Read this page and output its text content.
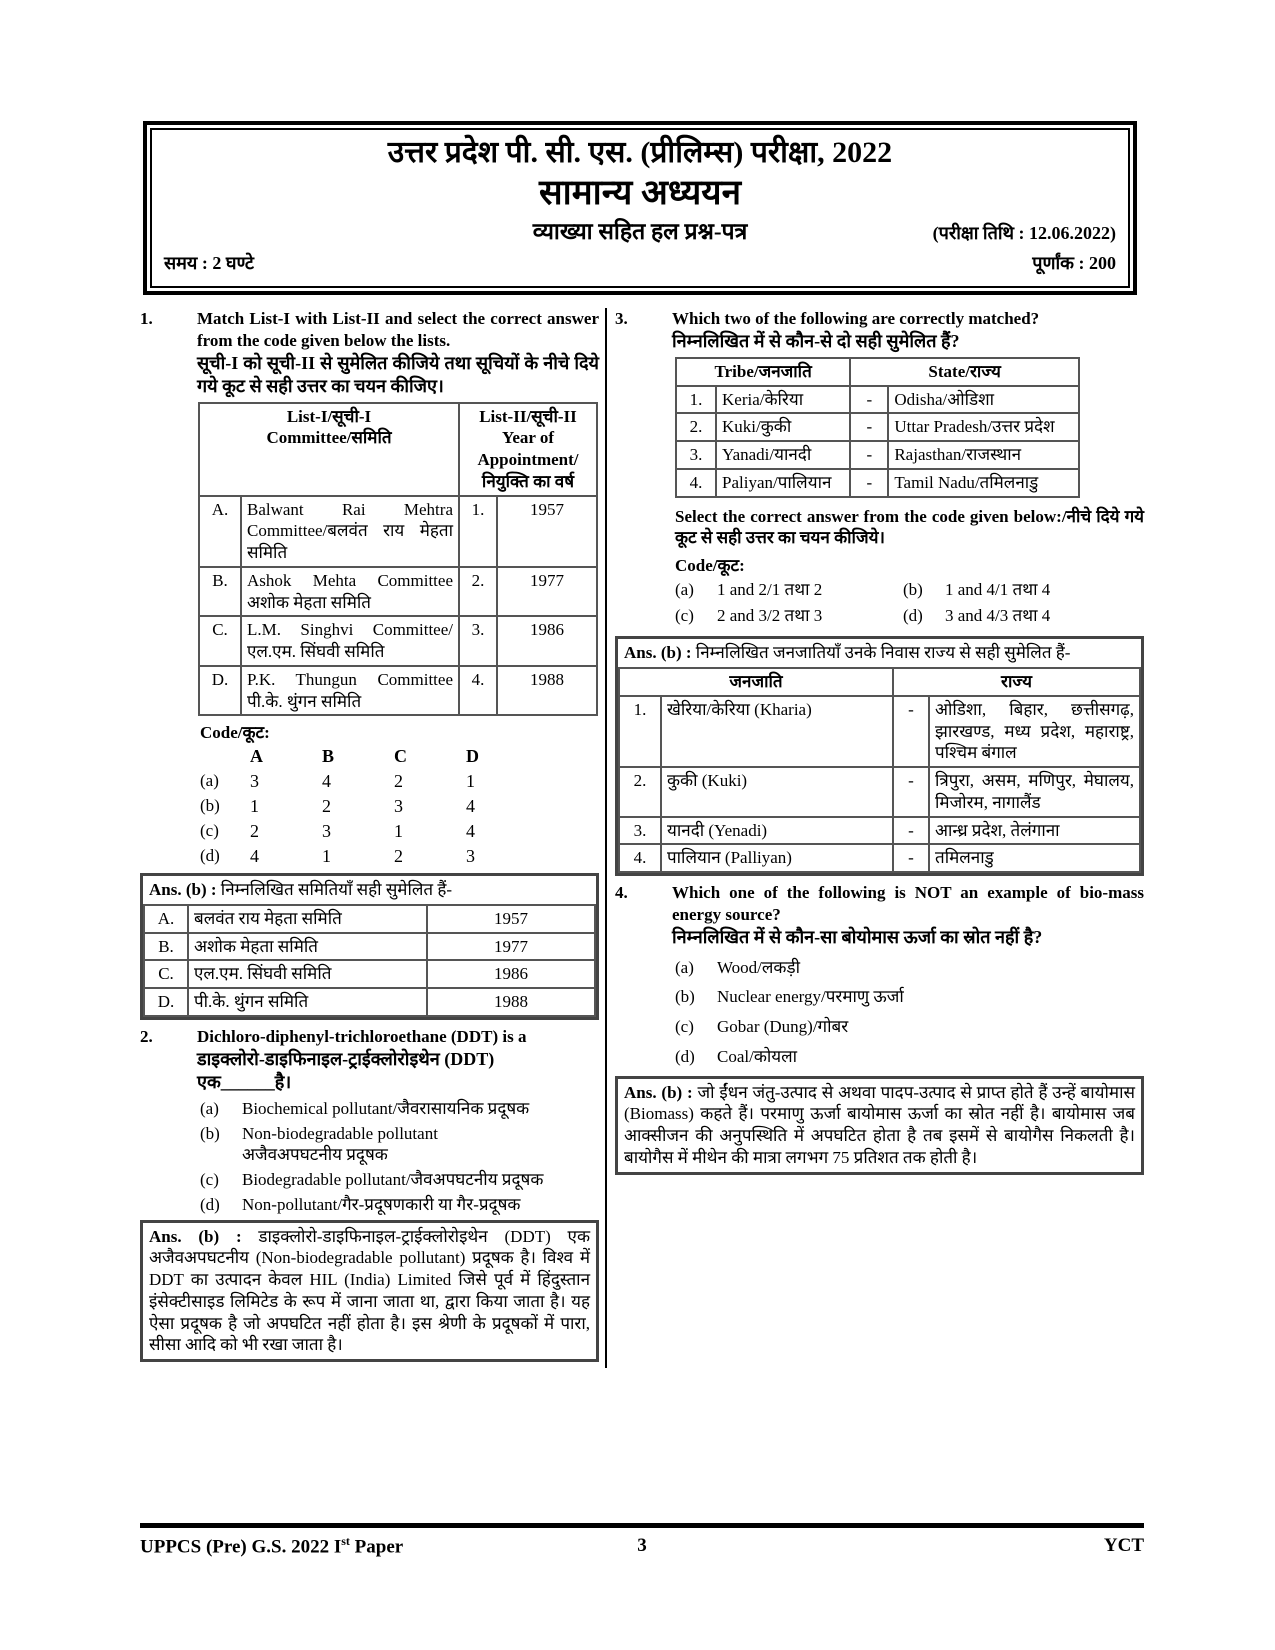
उत्तर प्रदेश पी. सी. एस. (प्रीलिम्स) परीक्षा, 2022
सामान्य अध्ययन
व्याख्या सहित हल प्रश्न-पत्र	(परीक्षा तिथि : 12.06.2022)
समय : 2 घण्टे	पूर्णांक : 200
1.	Match List-I with List-II and select the correct answer from the code given below the lists.
सूची-I को सूची-II से सुमेलित कीजिये तथा सूचियों के नीचे दिये गये कूट से सही उत्तर का चयन कीजिए।
List-I/सूची-I
Committee/समिति

List-II/सूची-II
Year of
Appointment/
नियुक्ति का वर्ष

A.	Balwant Rai Mehtra Committee/बलवंत राय मेहता समिति	1.	1957
B.	Ashok Mehta Committee अशोक मेहता समिति	2.	1977
C.	L.M. Singhvi Committee/एल.एम. सिंघवी समिति	3.	1986
D.	P.K. Thungun Committee पी.के. थुंगन समिति	4.	1988
Code/कूट:
	A	B	C	D
(a)	3	4	2	1
(b)	1	2	3	4
(c)	2	3	1	4
(d)	4	1	2	3
Ans. (b) : निम्नलिखित समितियाँ सही सुमेलित हैं-
A.	बलवंत राय मेहता समिति	1957
B.	अशोक मेहता समिति	1977
C.	एल.एम. सिंघवी समिति	1986
D.	पी.के. थुंगन समिति	1988
2.	Dichloro-diphenyl-trichloroethane (DDT) is a
डाइक्लोरो-डाइफिनाइल-ट्राईक्लोरोइथेन (DDT)
एक______है।
(a)	Biochemical pollutant/जैवरासायनिक प्रदूषक
(b)	Non-biodegradable pollutant
अजैवअपघटनीय प्रदूषक
(c)	Biodegradable pollutant/जैवअपघटनीय प्रदूषक
(d)	Non-pollutant/गैर-प्रदूषणकारी या गैर-प्रदूषक
Ans. (b) : डाइक्लोरो-डाइफिनाइल-ट्राईक्लोरोइथेन (DDT) एक अजैवअपघटनीय (Non-biodegradable pollutant) प्रदूषक है। विश्व में DDT का उत्पादन केवल HIL (India) Limited जिसे पूर्व में हिंदुस्तान इंसेक्टीसाइड लिमिटेड के रूप में जाना जाता था, द्वारा किया जाता है। यह ऐसा प्रदूषक है जो अपघटित नहीं होता है। इस श्रेणी के प्रदूषकों में पारा, सीसा आदि को भी रखा जाता है।
3.	Which two of the following are correctly matched?
निम्नलिखित में से कौन-से दो सही सुमेलित हैं?
Tribe/जनजाति		State/राज्य	
1.	Keria/केरिया	-	Odisha/ओडिशा
2.	Kuki/कुकी	-	Uttar Pradesh/उत्तर प्रदेश
3.	Yanadi/यानदी	-	Rajasthan/राजस्थान
4.	Paliyan/पालियान	-	Tamil Nadu/तमिलनाडु
Select the correct answer from the code given below:/नीचे दिये गये कूट से सही उत्तर का चयन कीजिये।
Code/कूट:
(a)	1 and 2/1 तथा 2	(b)	1 and 4/1 तथा 4
(c)	2 and 3/2 तथा 3	(d)	3 and 4/3 तथा 4
Ans. (b) : निम्नलिखित जनजातियाँ उनके निवास राज्य से सही सुमेलित हैं-
जनजाति		राज्य	
1.	खेरिया/केरिया (Kharia)	-	ओडिशा, बिहार, छत्तीसगढ़, झारखण्ड, मध्य प्रदेश, महाराष्ट्र, पश्चिम बंगाल
2.	कुकी (Kuki)	-	त्रिपुरा, असम, मणिपुर, मेघालय, मिजोरम, नागालैंड
3.	यानदी (Yenadi)	-	आन्ध्र प्रदेश, तेलंगाना
4.	पालियान (Palliyan)	-	तमिलनाडु
4.	Which one of the following is NOT an example of bio-mass energy source?
निम्नलिखित में से कौन-सा बोयोमास ऊर्जा का स्रोत नहीं है?
(a)	Wood/लकड़ी
(b)	Nuclear energy/परमाणु ऊर्जा
(c)	Gobar (Dung)/गोबर
(d)	Coal/कोयला
Ans. (b) : जो ईंधन जंतु-उत्पाद से अथवा पादप-उत्पाद से प्राप्त होते हैं उन्हें बायोमास (Biomass) कहते हैं। परमाणु ऊर्जा बायोमास ऊर्जा का स्रोत नहीं है। बायोमास जब आक्सीजन की अनुपस्थिति में अपघटित होता है तब इसमें से बायोगैस निकलती है। बायोगैस में मीथेन की मात्रा लगभग 75 प्रतिशत तक होती है।
UPPCS (Pre) G.S. 2022 Ist Paper	3	YCT
